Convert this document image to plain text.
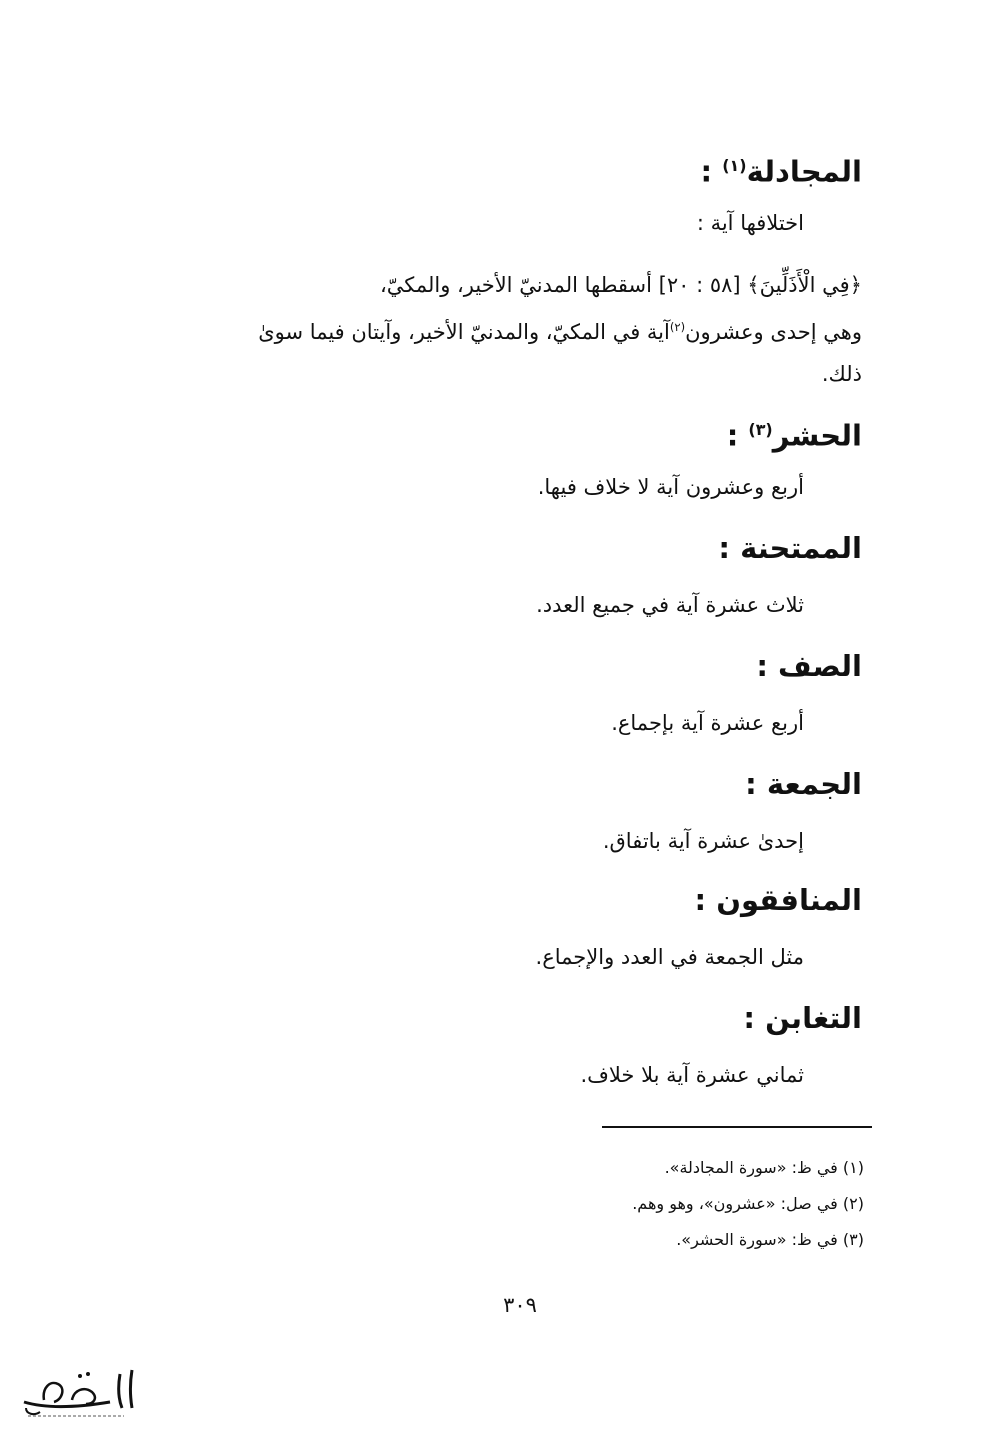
المجادلة$^{(١)}$ :
اختلافها آية :
﴿فِي الْأَذَلِّينَ﴾ [٥٨ : ٢٠] أسقطها المدنيّ الأخير، والمكيّ،
وهي إحدى وعشرون$^{(٢)}$آية في المكيّ، والمدنيّ الأخير، وآيتان فيما سوىٰ
ذلك.
الحشر$^{(٣)}$ :
أربع وعشرون آية لا خلاف فيها.
الممتحنة :
ثلاث عشرة آية في جميع العدد.
الصف :
أربع عشرة آية بإجماع.
الجمعة :
إحدىٰ عشرة آية باتفاق.
المنافقون :
مثل الجمعة في العدد والإجماع.
التغابن :
ثماني عشرة آية بلا خلاف.
(١) في ظ: «سورة المجادلة».
(٢) في صل: «عشرون»، وهو وهم.
(٣) في ظ: «سورة الحشر».
٣٠٩
